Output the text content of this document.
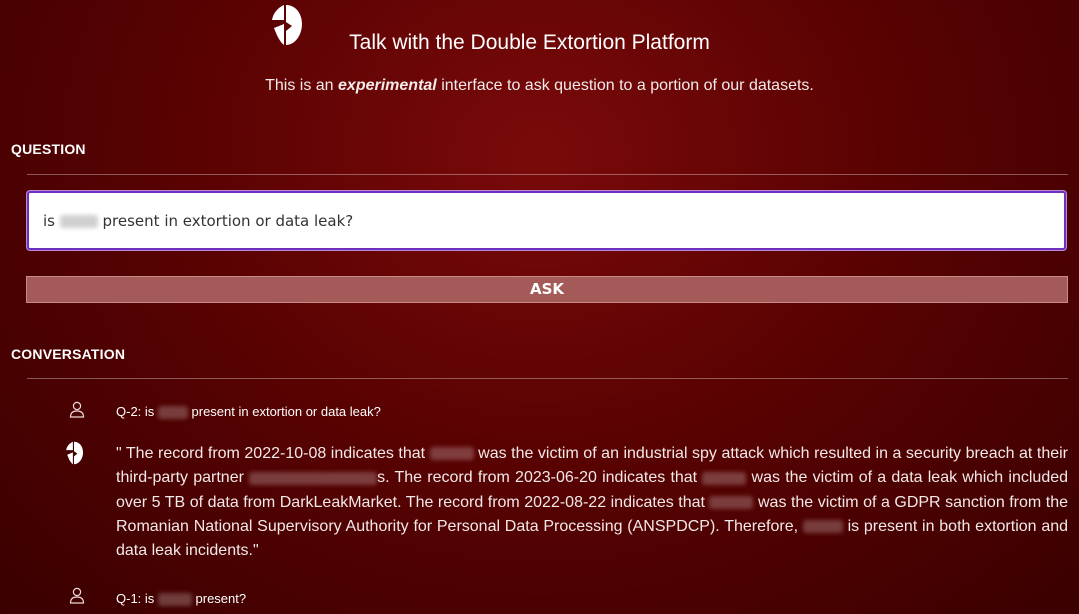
Talk with the Double Extortion Platform
This is an experimental interface to ask question to a portion of our datasets.
QUESTION
is	present in extortion or data leak?
ASK
CONVERSATION
Q-2: is  present in extortion or data leak?
" The record from 2022-10-08 indicates that	was the victim of an industrial spy attack which resulted in a security breach at their third-party partner	s. The record from 2023-06-20 indicates that	was the victim of a data leak which included over 5 TB of data from DarkLeakMarket. The record from 2022-08-22 indicates that	was the victim of a GDPR sanction from the Romanian National Supervisory Authority for Personal Data Processing (ANSPDCP). Therefore,	is present in both extortion and data leak incidents."
Q-1: is	present?
